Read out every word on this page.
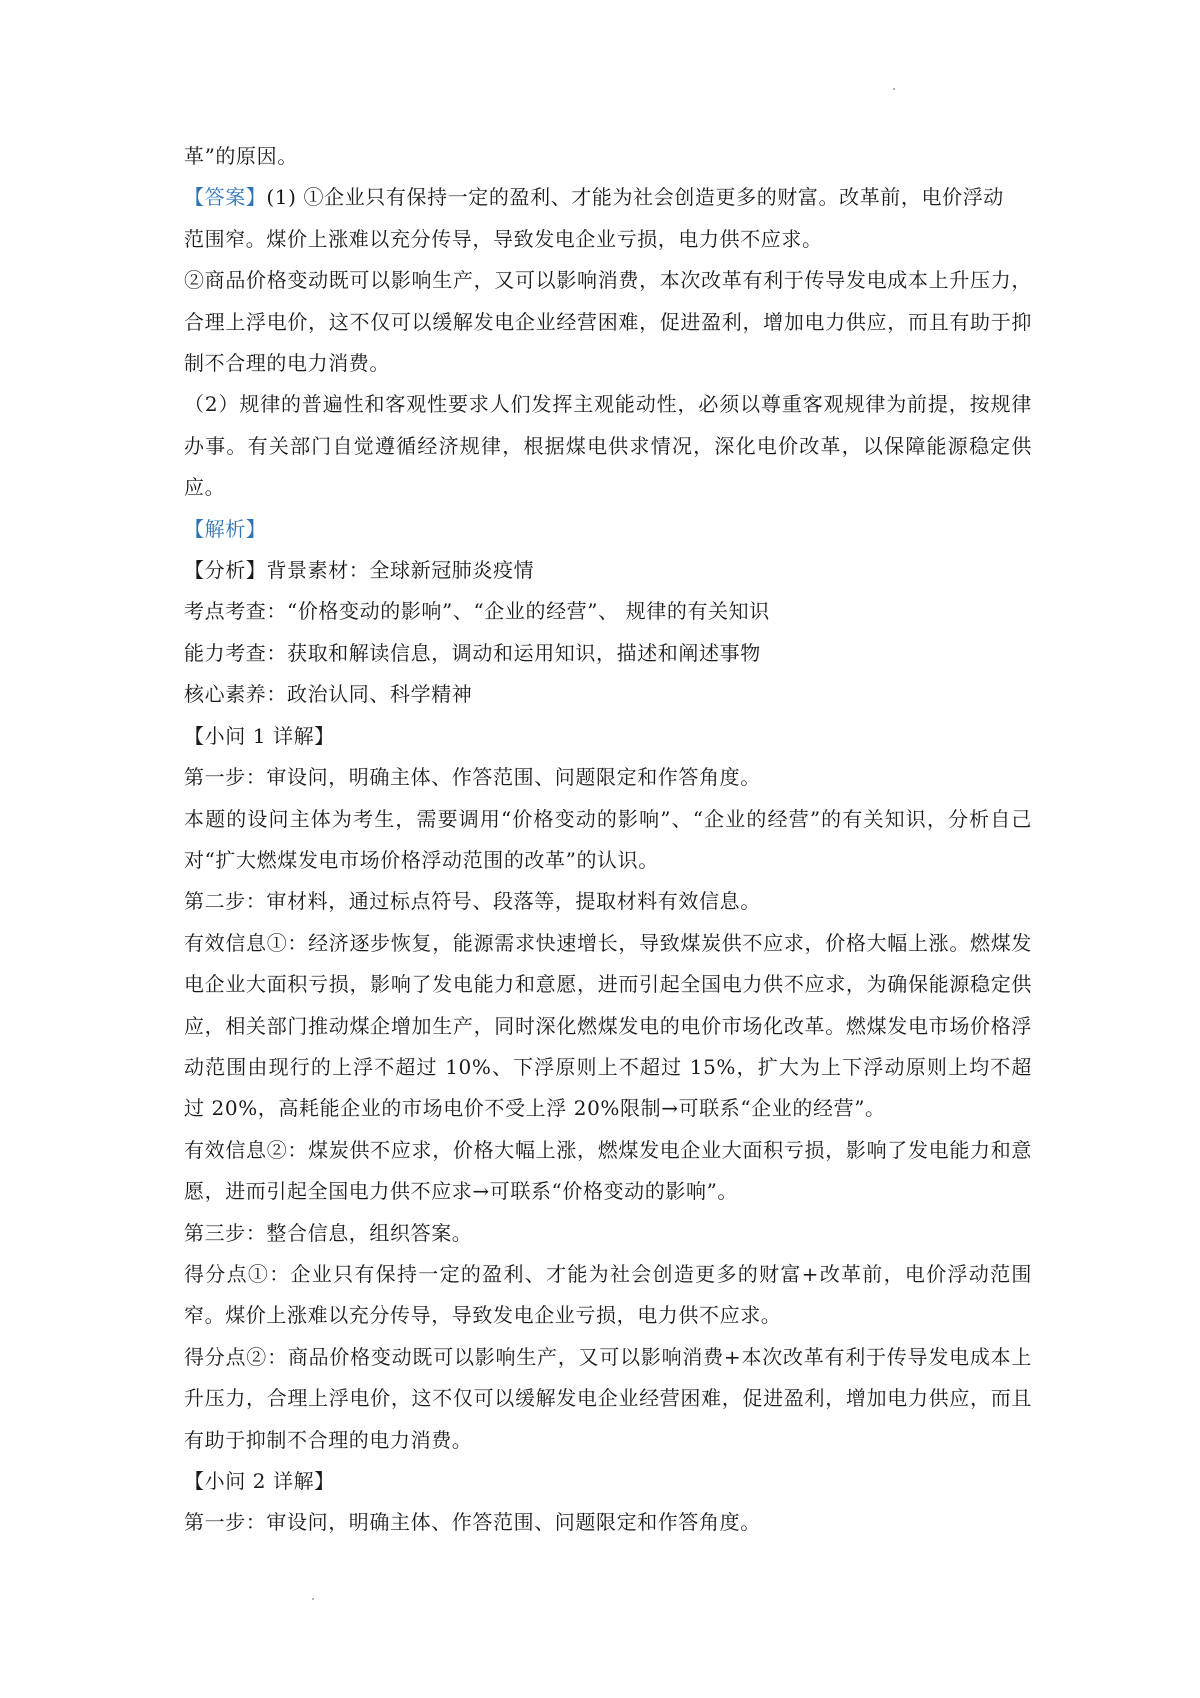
革”的原因。

【答案】(1) ①企业只有保持一定的盈利、才能为社会创造更多的财富。改革前，电价浮动

范围窄。煤价上涨难以充分传导，导致发电企业亏损，电力供不应求。

②商品价格变动既可以影响生产，又可以影响消费，本次改革有利于传导发电成本上升压力，合理上浮电价，这不仅可以缓解发电企业经营困难，促进盈利，增加电力供应，而且有助于抑制不合理的电力消费。

（2）规律的普遍性和客观性要求人们发挥主观能动性，必须以尊重客观规律为前提，按规律办事。有关部门自觉遵循经济规律，根据煤电供求情况，深化电价改革，以保障能源稳定供应。

【解析】

【分析】背景素材：全球新冠肺炎疫情

考点考查：“价格变动的影响”、“企业的经营”、 规律的有关知识

能力考查：获取和解读信息，调动和运用知识，描述和阐述事物

核心素养：政治认同、科学精神

【小问 1 详解】

第一步：审设问，明确主体、作答范围、问题限定和作答角度。

本题的设问主体为考生，需要调用“价格变动的影响”、“企业的经营”的有关知识，分析自己对“扩大燃煤发电市场价格浮动范围的改革”的认识。

第二步：审材料，通过标点符号、段落等，提取材料有效信息。

有效信息①：经济逐步恢复，能源需求快速增长，导致煤炭供不应求，价格大幅上涨。燃煤发电企业大面积亏损，影响了发电能力和意愿，进而引起全国电力供不应求，为确保能源稳定供应，相关部门推动煤企增加生产，同时深化燃煤发电的电价市场化改革。燃煤发电市场价格浮动范围由现行的上浮不超过 10%、下浮原则上不超过 15%，扩大为上下浮动原则上均不超过 20%，高耗能企业的市场电价不受上浮 20%限制→可联系“企业的经营”。

有效信息②：煤炭供不应求，价格大幅上涨，燃煤发电企业大面积亏损，影响了发电能力和意愿，进而引起全国电力供不应求→可联系“价格变动的影响”。

第三步：整合信息，组织答案。

得分点①：企业只有保持一定的盈利、才能为社会创造更多的财富+改革前，电价浮动范围窄。煤价上涨难以充分传导，导致发电企业亏损，电力供不应求。

得分点②：商品价格变动既可以影响生产，又可以影响消费+本次改革有利于传导发电成本上升压力，合理上浮电价，这不仅可以缓解发电企业经营困难，促进盈利，增加电力供应，而且有助于抑制不合理的电力消费。

【小问 2 详解】

第一步：审设问，明确主体、作答范围、问题限定和作答角度。
